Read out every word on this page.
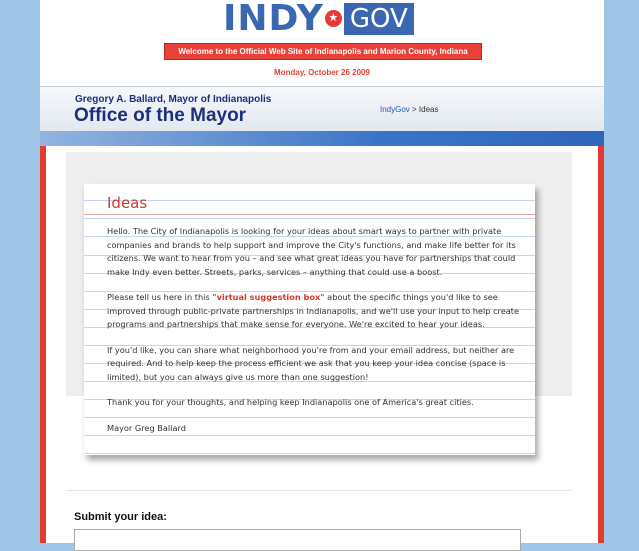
INDY ★ GOV
Welcome to the Official Web Site of Indianapolis and Marion County, Indiana
Monday, October 26 2009
Gregory A. Ballard, Mayor of Indianapolis
Office of the Mayor	IndyGov > Ideas
Ideas

Hello. The City of Indianapolis is looking for your ideas about smart ways to partner with private companies and brands to help support and improve the City's functions, and make life better for its citizens. We want to hear from you – and see what great ideas you have for partnerships that could make Indy even better. Streets, parks, services – anything that could use a boost.

Please tell us here in this "virtual suggestion box" about the specific things you'd like to see improved through public-private partnerships in Indianapolis, and we'll use your input to help create programs and partnerships that make sense for everyone. We're excited to hear your ideas.

If you'd like, you can share what neighborhood you're from and your email address, but neither are required. And to help keep the process efficient we ask that you keep your idea concise (space is limited), but you can always give us more than one suggestion!

Thank you for your thoughts, and helping keep Indianapolis one of America's great cities.

Mayor Greg Ballard

Submit your idea:
